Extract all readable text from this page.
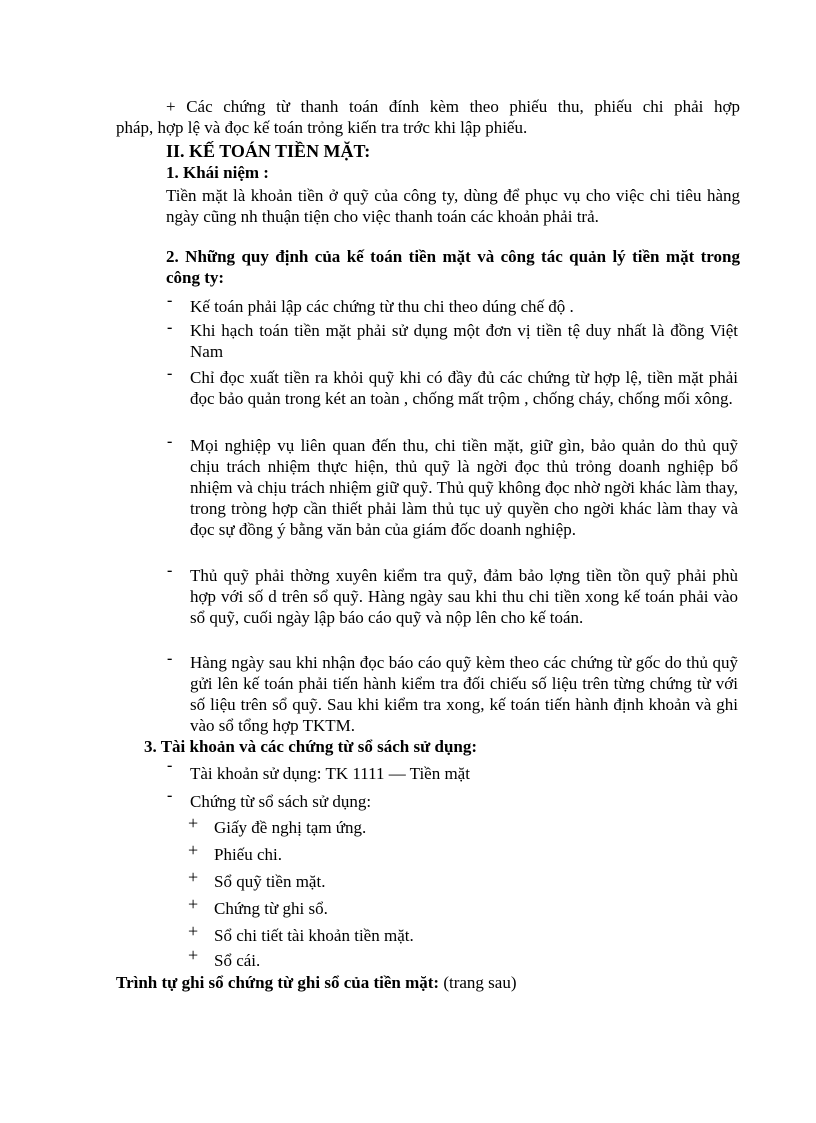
+ Các chứng từ thanh toán đính kèm theo phiếu thu, phiếu chi phải hợp
pháp, hợp lệ và đọc kế toán trỏng kiến tra trớc khi lập phiếu.
II. KẾ TOÁN TIỀN MẶT:
1. Khái niệm :
Tiền mặt là khoản tiền ở quỹ của công ty, dùng để phục vụ cho việc chi tiêu hàng ngày cũng nh thuận tiện cho việc thanh toán các khoản phải trả.
2. Những quy định của kế toán tiền mặt và công tác quản lý tiền mặt trong công ty:
- Kế toán phải lập các chứng từ thu chi theo dúng chế độ .
- Khi hạch toán tiền mặt phải sử dụng một đơn vị tiền tệ duy nhất là đồng Việt Nam
- Chỉ đọc xuất tiền ra khỏi quỹ khi có đầy đủ các chứng từ hợp lệ, tiền mặt phải đọc bảo quản trong két an toàn , chống mất trộm , chống cháy, chống mối xông.
- Mọi nghiệp vụ liên quan đến thu, chi tiền mặt, giữ gìn, bảo quản do thủ quỹ chịu trách nhiệm thực hiện, thủ quỹ là ngời đọc thủ trỏng doanh nghiệp bổ nhiệm và chịu trách nhiệm giữ quỹ. Thủ quỹ không đọc nhờ ngời khác làm thay, trong tròng hợp cần thiết phải làm thủ tục uỷ quyền cho ngời khác làm thay và đọc sự đồng ý bằng văn bản của giám đốc doanh nghiệp.
- Thủ quỹ phải thờng xuyên kiểm tra quỹ, đảm bảo lợng tiền tồn quỹ phải phù hợp với số d trên sổ quỹ. Hàng ngày sau khi thu chi tiền xong kế toán phải vào sổ quỹ, cuối ngày lập báo cáo quỹ và nộp lên cho kế toán.
- Hàng ngày sau khi nhận đọc báo cáo quỹ kèm theo các chứng từ gốc do thủ quỹ gửi lên kế toán phải tiến hành kiểm tra đối chiếu số liệu trên từng chứng từ với số liệu trên sổ quỹ. Sau khi kiểm tra xong, kế toán tiến hành định khoản và ghi vào sổ tổng hợp TKTM.
3. Tài khoản và các chứng từ sổ sách sử dụng:
- Tài khoản sử dụng: TK 1111 — Tiền mặt
- Chứng từ sổ sách sử dụng:
+ Giấy đề nghị tạm ứng.
+ Phiếu chi.
+ Sổ quỹ tiền mặt.
+ Chứng từ ghi sổ.
+ Sổ chi tiết tài khoản tiền mặt.
+ Sổ cái.
Trình tự ghi sổ chứng từ ghi sổ của tiền mặt: (trang sau)
